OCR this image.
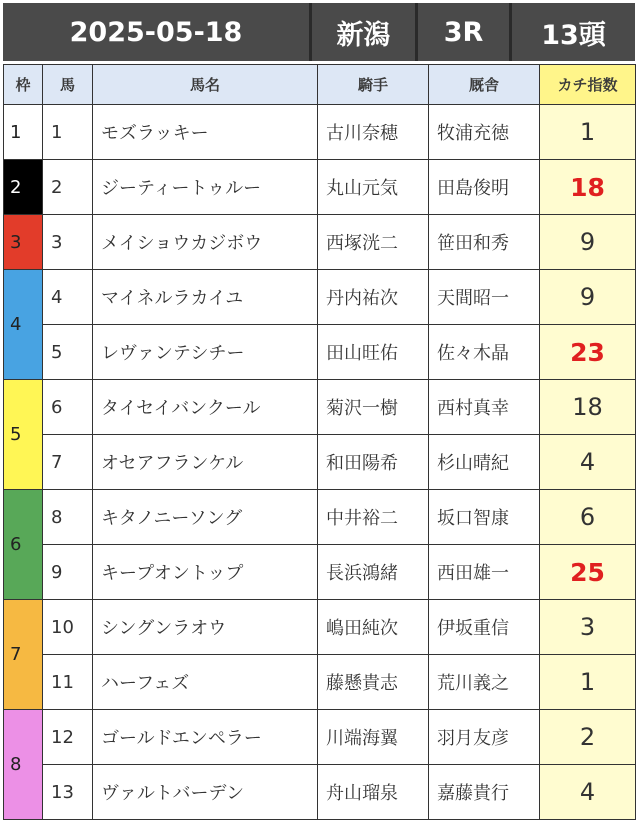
2025-05-18	新潟	3R	13頭
枠	馬	馬名	騎手	厩舎	カチ指数
1	1	モズラッキー	古川奈穂	牧浦充徳	1
2	2	ジーティートゥルー	丸山元気	田島俊明	18
3	3	メイショウカジボウ	西塚洸二	笹田和秀	9
4	4	マイネルラカイユ	丹内祐次	天間昭一	9
	5	レヴァンテシチー	田山旺佑	佐々木晶	23
5	6	タイセイバンクール	菊沢一樹	西村真幸	18
	7	オセアフランケル	和田陽希	杉山晴紀	4
6	8	キタノニーソング	中井裕二	坂口智康	6
	9	キープオントップ	長浜鴻緒	西田雄一	25
7	10	シングンラオウ	嶋田純次	伊坂重信	3
	11	ハーフェズ	藤懸貴志	荒川義之	1
8	12	ゴールドエンペラー	川端海翼	羽月友彦	2
	13	ヴァルトバーデン	舟山瑠泉	嘉藤貴行	4
